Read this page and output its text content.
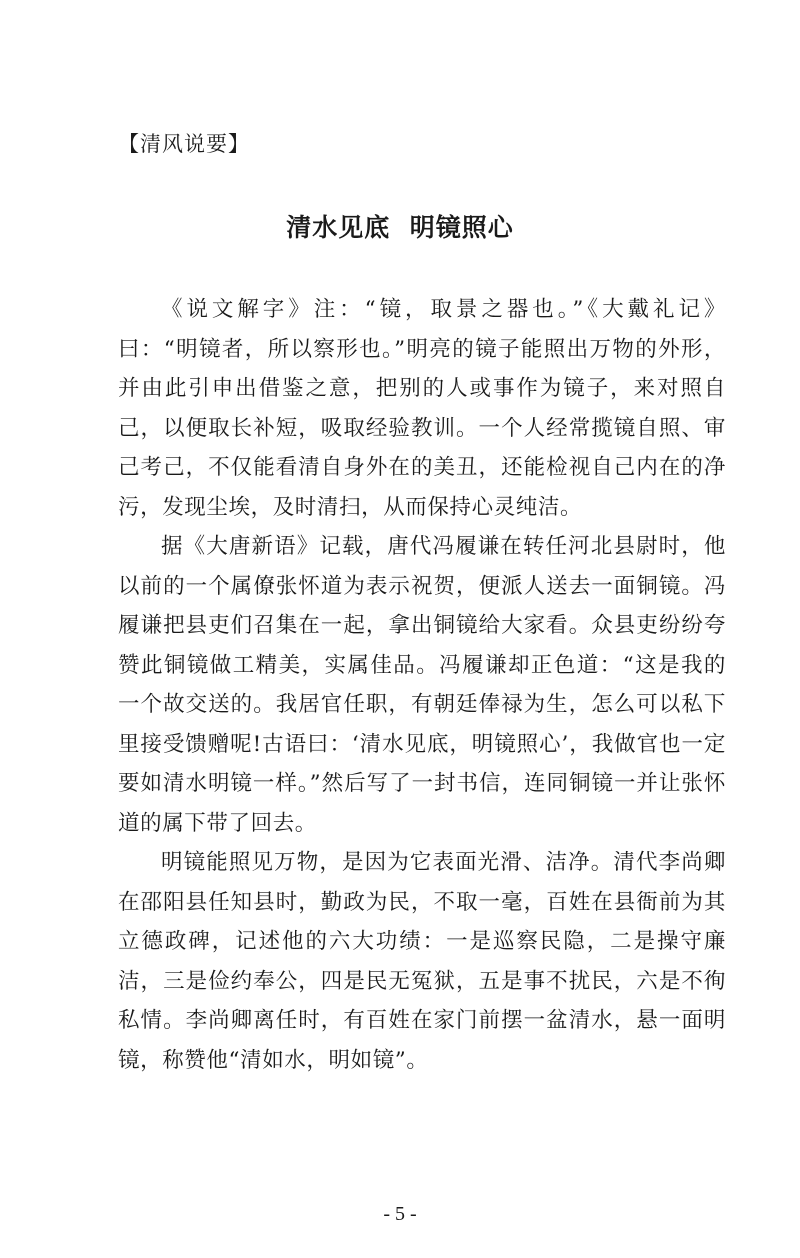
【清风说要】
清水见底  明镜照心

《说文解字》注：“镜，取景之器也。”《大戴礼记》曰：“明镜者，所以察形也。”明亮的镜子能照出万物的外形，并由此引申出借鉴之意，把别的人或事作为镜子，来对照自己，以便取长补短，吸取经验教训。一个人经常揽镜自照、审己考己，不仅能看清自身外在的美丑，还能检视自己内在的净污，发现尘埃，及时清扫，从而保持心灵纯洁。

据《大唐新语》记载，唐代冯履谦在转任河北县尉时，他以前的一个属僚张怀道为表示祝贺，便派人送去一面铜镜。冯履谦把县吏们召集在一起，拿出铜镜给大家看。众县吏纷纷夸赞此铜镜做工精美，实属佳品。冯履谦却正色道：“这是我的一个故交送的。我居官任职，有朝廷俸禄为生，怎么可以私下里接受馈赠呢!古语曰：‘清水见底，明镜照心’，我做官也一定要如清水明镜一样。”然后写了一封书信，连同铜镜一并让张怀道的属下带了回去。

明镜能照见万物，是因为它表面光滑、洁净。清代李尚卿在邵阳县任知县时，勤政为民，不取一毫，百姓在县衙前为其立德政碑，记述他的六大功绩：一是巡察民隐，二是操守廉洁，三是俭约奉公，四是民无冤狱，五是事不扰民，六是不徇私情。李尚卿离任时，有百姓在家门前摆一盆清水，悬一面明镜，称赞他“清如水，明如镜”。

- 5 -
